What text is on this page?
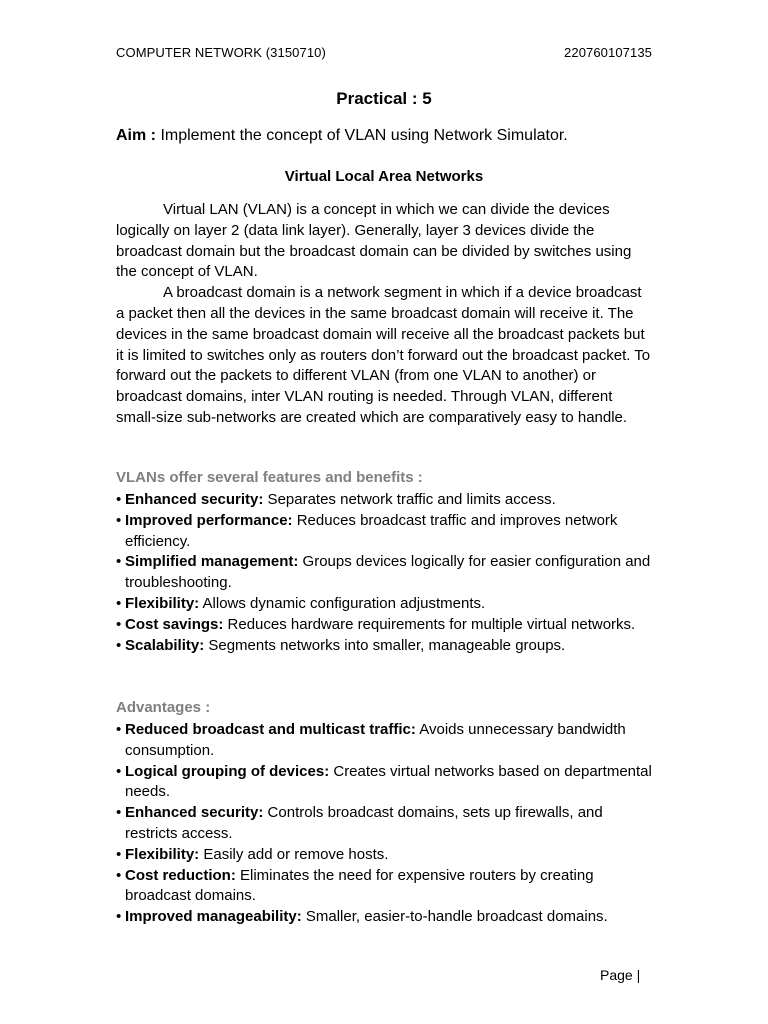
COMPUTER NETWORK (3150710)	220760107135
Practical : 5
Aim : Implement the concept of VLAN using Network Simulator.
Virtual Local Area Networks

Virtual LAN (VLAN) is a concept in which we can divide the devices logically on layer 2 (data link layer). Generally, layer 3 devices divide the broadcast domain but the broadcast domain can be divided by switches using the concept of VLAN.

A broadcast domain is a network segment in which if a device broadcast a packet then all the devices in the same broadcast domain will receive it. The devices in the same broadcast domain will receive all the broadcast packets but it is limited to switches only as routers don’t forward out the broadcast packet. To forward out the packets to different VLAN (from one VLAN to another) or broadcast domains, inter VLAN routing is needed. Through VLAN, different small-size sub-networks are created which are comparatively easy to handle.

VLANs offer several features and benefits :
• Enhanced security: Separates network traffic and limits access.
• Improved performance: Reduces broadcast traffic and improves network efficiency.
• Simplified management: Groups devices logically for easier configuration and troubleshooting.
• Flexibility: Allows dynamic configuration adjustments.
• Cost savings: Reduces hardware requirements for multiple virtual networks.
• Scalability: Segments networks into smaller, manageable groups.
Advantages :
• Reduced broadcast and multicast traffic: Avoids unnecessary bandwidth consumption.
• Logical grouping of devices: Creates virtual networks based on departmental needs.
• Enhanced security: Controls broadcast domains, sets up firewalls, and restricts access.
• Flexibility: Easily add or remove hosts.
• Cost reduction: Eliminates the need for expensive routers by creating broadcast domains.
• Improved manageability: Smaller, easier-to-handle broadcast domains.
Page |
